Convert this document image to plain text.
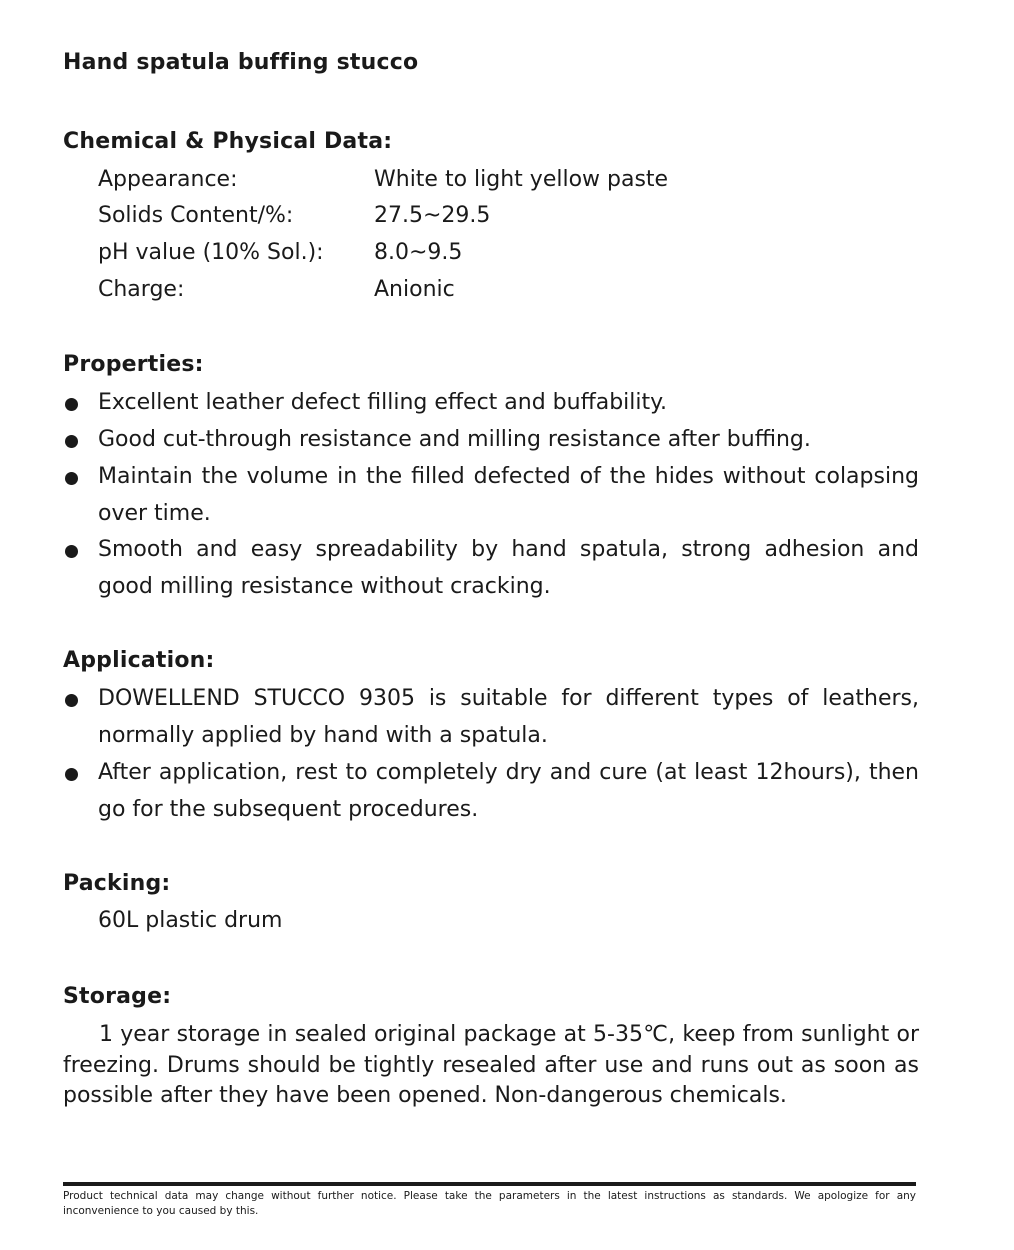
Hand spatula buffing stucco
Chemical & Physical Data:
Appearance:	White to light yellow paste
Solids Content/%:	27.5~29.5
pH value (10% Sol.): 8.0~9.5
Charge:	Anionic
Properties:
Excellent leather defect filling effect and buffability.
Good cut-through resistance and milling resistance after buffing.
Maintain the volume in the filled defected of the hides without colapsing over time.
Smooth and easy spreadability by hand spatula, strong adhesion and good milling resistance without cracking.
Application:
DOWELLEND STUCCO 9305 is suitable for different types of leathers, normally applied by hand with a spatula.
After application, rest to completely dry and cure (at least 12hours), then go for the subsequent procedures.
Packing:
60L plastic drum
Storage:
1 year storage in sealed original package at 5-35℃, keep from sunlight or freezing. Drums should be tightly resealed after use and runs out as soon as possible after they have been opened. Non-dangerous chemicals.
Product technical data may change without further notice. Please take the parameters in the latest instructions as standards. We apologize for any inconvenience to you caused by this.
